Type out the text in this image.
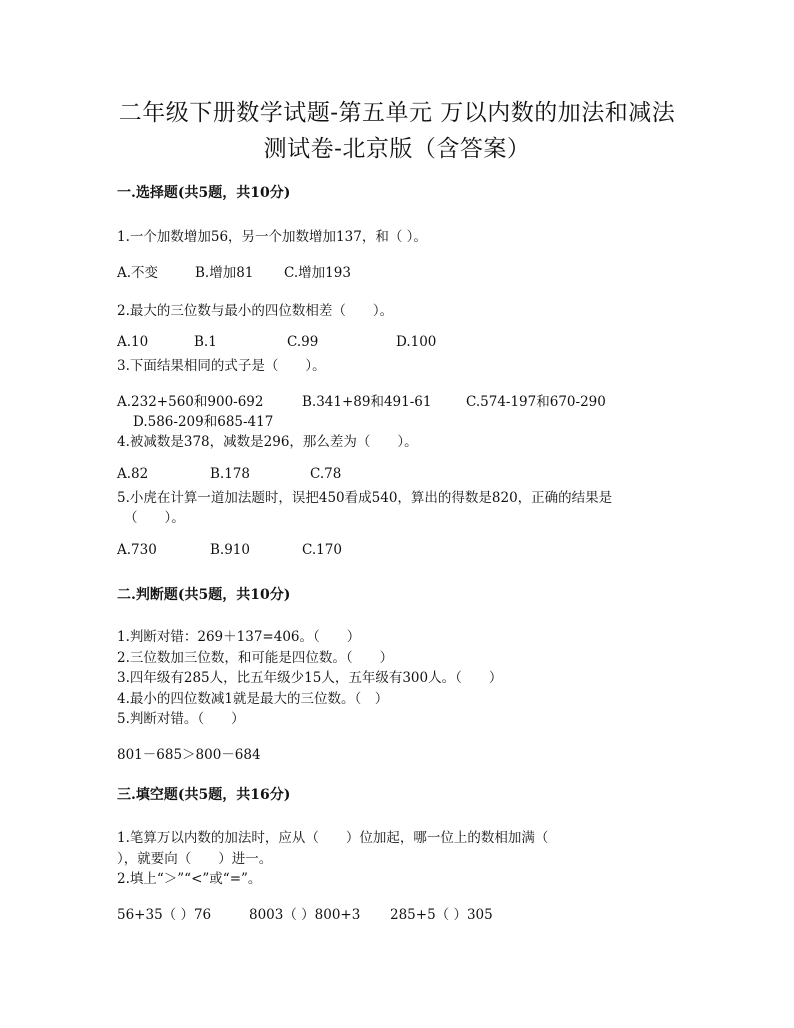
二年级下册数学试题-第五单元 万以内数的加法和减法
测试卷-北京版（含答案）
一.选择题(共5题，共10分)
1.一个加数增加56，另一个加数增加137，和（ ）。
A.不变	B.增加81 C.增加193
2.最大的三位数与最小的四位数相差（　　）。
A.10	B.1	C.99	D.100
3.下面结果相同的式子是（　　）。
A.232+560和900-692	B.341+89和491-61	C.574-197和670-290
D.586-209和685-417
4.被减数是378，减数是296，那么差为（　　）。
A.82	B.178	C.78
5.小虎在计算一道加法题时，误把450看成540，算出的得数是820，正确的结果是
（　　）。
A.730	B.910	C.170
二.判断题(共5题，共10分)
1.判断对错：269＋137=406。（　　）
2.三位数加三位数，和可能是四位数。（　　）
3.四年级有285人，比五年级少15人，五年级有300人。（　　）
4.最小的四位数减1就是最大的三位数。（　）
5.判断对错。（　　）
801－685＞800－684
三.填空题(共5题，共16分)
1.笔算万以内数的加法时，应从（　　）位加起，哪一位上的数相加满（
），就要向（　　）进一。
2.填上“＞”“<”或“=”。
56+35（ ）76	8003（ ）800+3 285+5（ ）305
